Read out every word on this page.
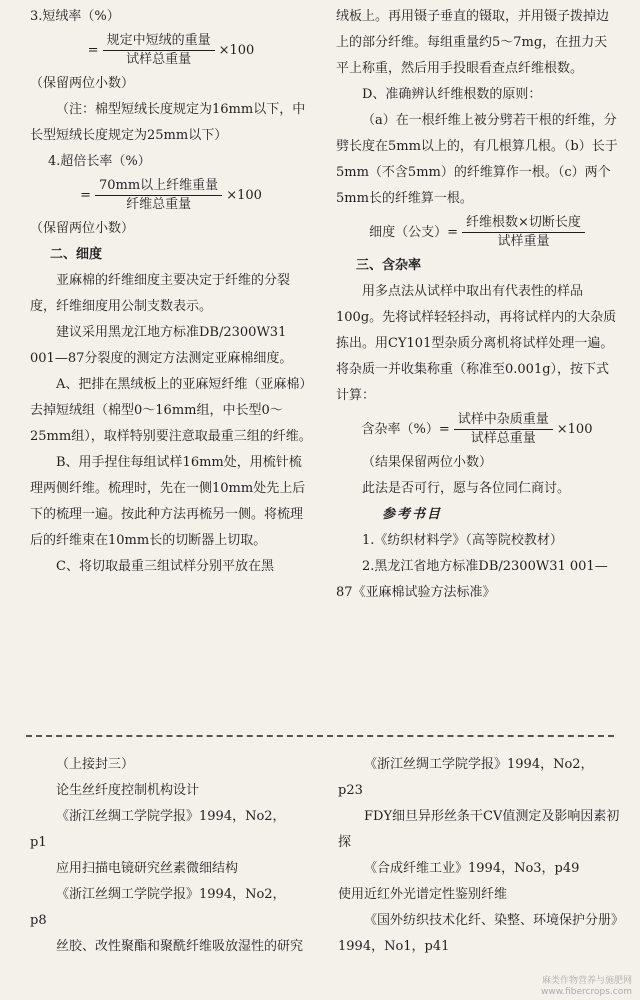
3.短绒率（%）

= $\frac{\text{规定中短绒的重量}}{\text{试样总重量}} \times 100$

（保留两位小数）

（注：棉型短绒长度规定为16mm以下，中长型短绒长度规定为25mm以下）

4.超倍长率（%）

= $\frac{\text{70mm以上纤维重量}}{\text{纤维总重量}} \times 100$

（保留两位小数）

二、细度

亚麻棉的纤维细度主要决定于纤维的分裂度，纤维细度用公制支数表示。

建议采用黑龙江地方标准DB/2300W31 001—87分裂度的测定方法测定亚麻棉细度。

A、把排在黑绒板上的亚麻短纤维（亚麻棉）去掉短绒组（棉型0～16mm组，中长型0～25mm组），取样特别要注意取最重三组的纤维。

B、用手捏住每组试样16mm处，用梳针梳理两侧纤维。梳理时，先在一侧10mm处先上后下的梳理一遍。按此种方法再梳另一侧。将梳理后的纤维束在10mm长的切断器上切取。

C、将切取最重三组试样分别平放在黑

绒板上。再用镊子垂直的镊取，并用镊子拨掉边上的部分纤维。每组重量约5～7mg，在扭力天平上称重，然后用手投眼看查点纤维根数。

D、准确辨认纤维根数的原则：

（a）在一根纤维上被分劈若干根的纤维，分劈长度在5mm以上的，有几根算几根。（b）长于5mm（不含5mm）的纤维算作一根。（c）两个5mm长的纤维算一根。

细度（公支）= $\frac{\text{纤维根数×切断长度}}{\text{试样重量}}$

三、含杂率

用多点法从试样中取出有代表性的样品100g。先将试样轻轻抖动，再将试样内的大杂质拣出。用CY101型杂质分离机将试样处理一遍。将杂质一并收集称重（称准至0.001g），按下式计算：

含杂率（%）= $\frac{\text{试样中杂质重量}}{\text{试样总重量}} \times 100$

（结果保留两位小数）

此法是否可行，愿与各位同仁商讨。

参考书目

1.《纺织材料学》（高等院校教材）

2.黑龙江省地方标准DB/2300W31 001—87《亚麻棉试验方法标准》

（上接封三）

论生丝纤度控制机构设计

《浙江丝绸工学院学报》1994，No2，

p1

应用扫描电镜研究丝素微细结构

《浙江丝绸工学院学报》1994，No2，

p8

丝胶、改性聚酯和聚酰纤维吸放湿性的研究

《浙江丝绸工学院学报》1994，No2，

p23

FDY细旦异形丝条干CV值测定及影响因素初探

《合成纤维工业》1994，No3，p49

使用近红外光谱定性鉴别纤维

《国外纺织技术化纤、染整、环境保护分册》1994，No1，p41

麻类作物营养与施肥网
www.fibercrops.com
